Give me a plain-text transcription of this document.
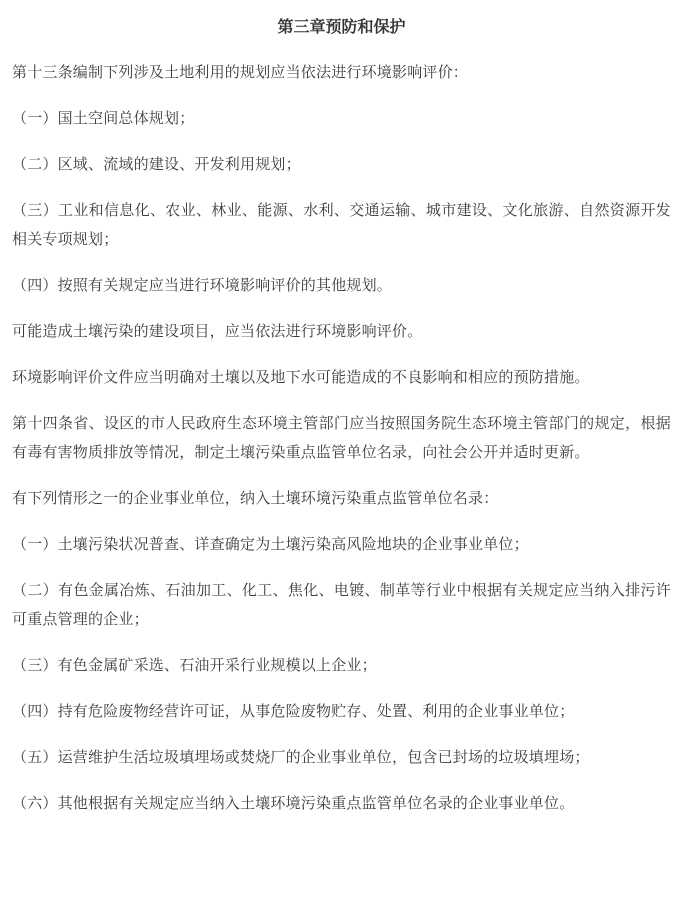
第三章预防和保护

第十三条编制下列涉及土地利用的规划应当依法进行环境影响评价：

（一）国土空间总体规划；

（二）区域、流域的建设、开发利用规划；

（三）工业和信息化、农业、林业、能源、水利、交通运输、城市建设、文化旅游、自然资源开发相关专项规划；

（四）按照有关规定应当进行环境影响评价的其他规划。

可能造成土壤污染的建设项目，应当依法进行环境影响评价。

环境影响评价文件应当明确对土壤以及地下水可能造成的不良影响和相应的预防措施。

第十四条省、设区的市人民政府生态环境主管部门应当按照国务院生态环境主管部门的规定，根据有毒有害物质排放等情况，制定土壤污染重点监管单位名录，向社会公开并适时更新。

有下列情形之一的企业事业单位，纳入土壤环境污染重点监管单位名录：

（一）土壤污染状况普查、详查确定为土壤污染高风险地块的企业事业单位；

（二）有色金属冶炼、石油加工、化工、焦化、电镀、制革等行业中根据有关规定应当纳入排污许可重点管理的企业；

（三）有色金属矿采选、石油开采行业规模以上企业；

（四）持有危险废物经营许可证，从事危险废物贮存、处置、利用的企业事业单位；

（五）运营维护生活垃圾填埋场或焚烧厂的企业事业单位，包含已封场的垃圾填埋场；

（六）其他根据有关规定应当纳入土壤环境污染重点监管单位名录的企业事业单位。
